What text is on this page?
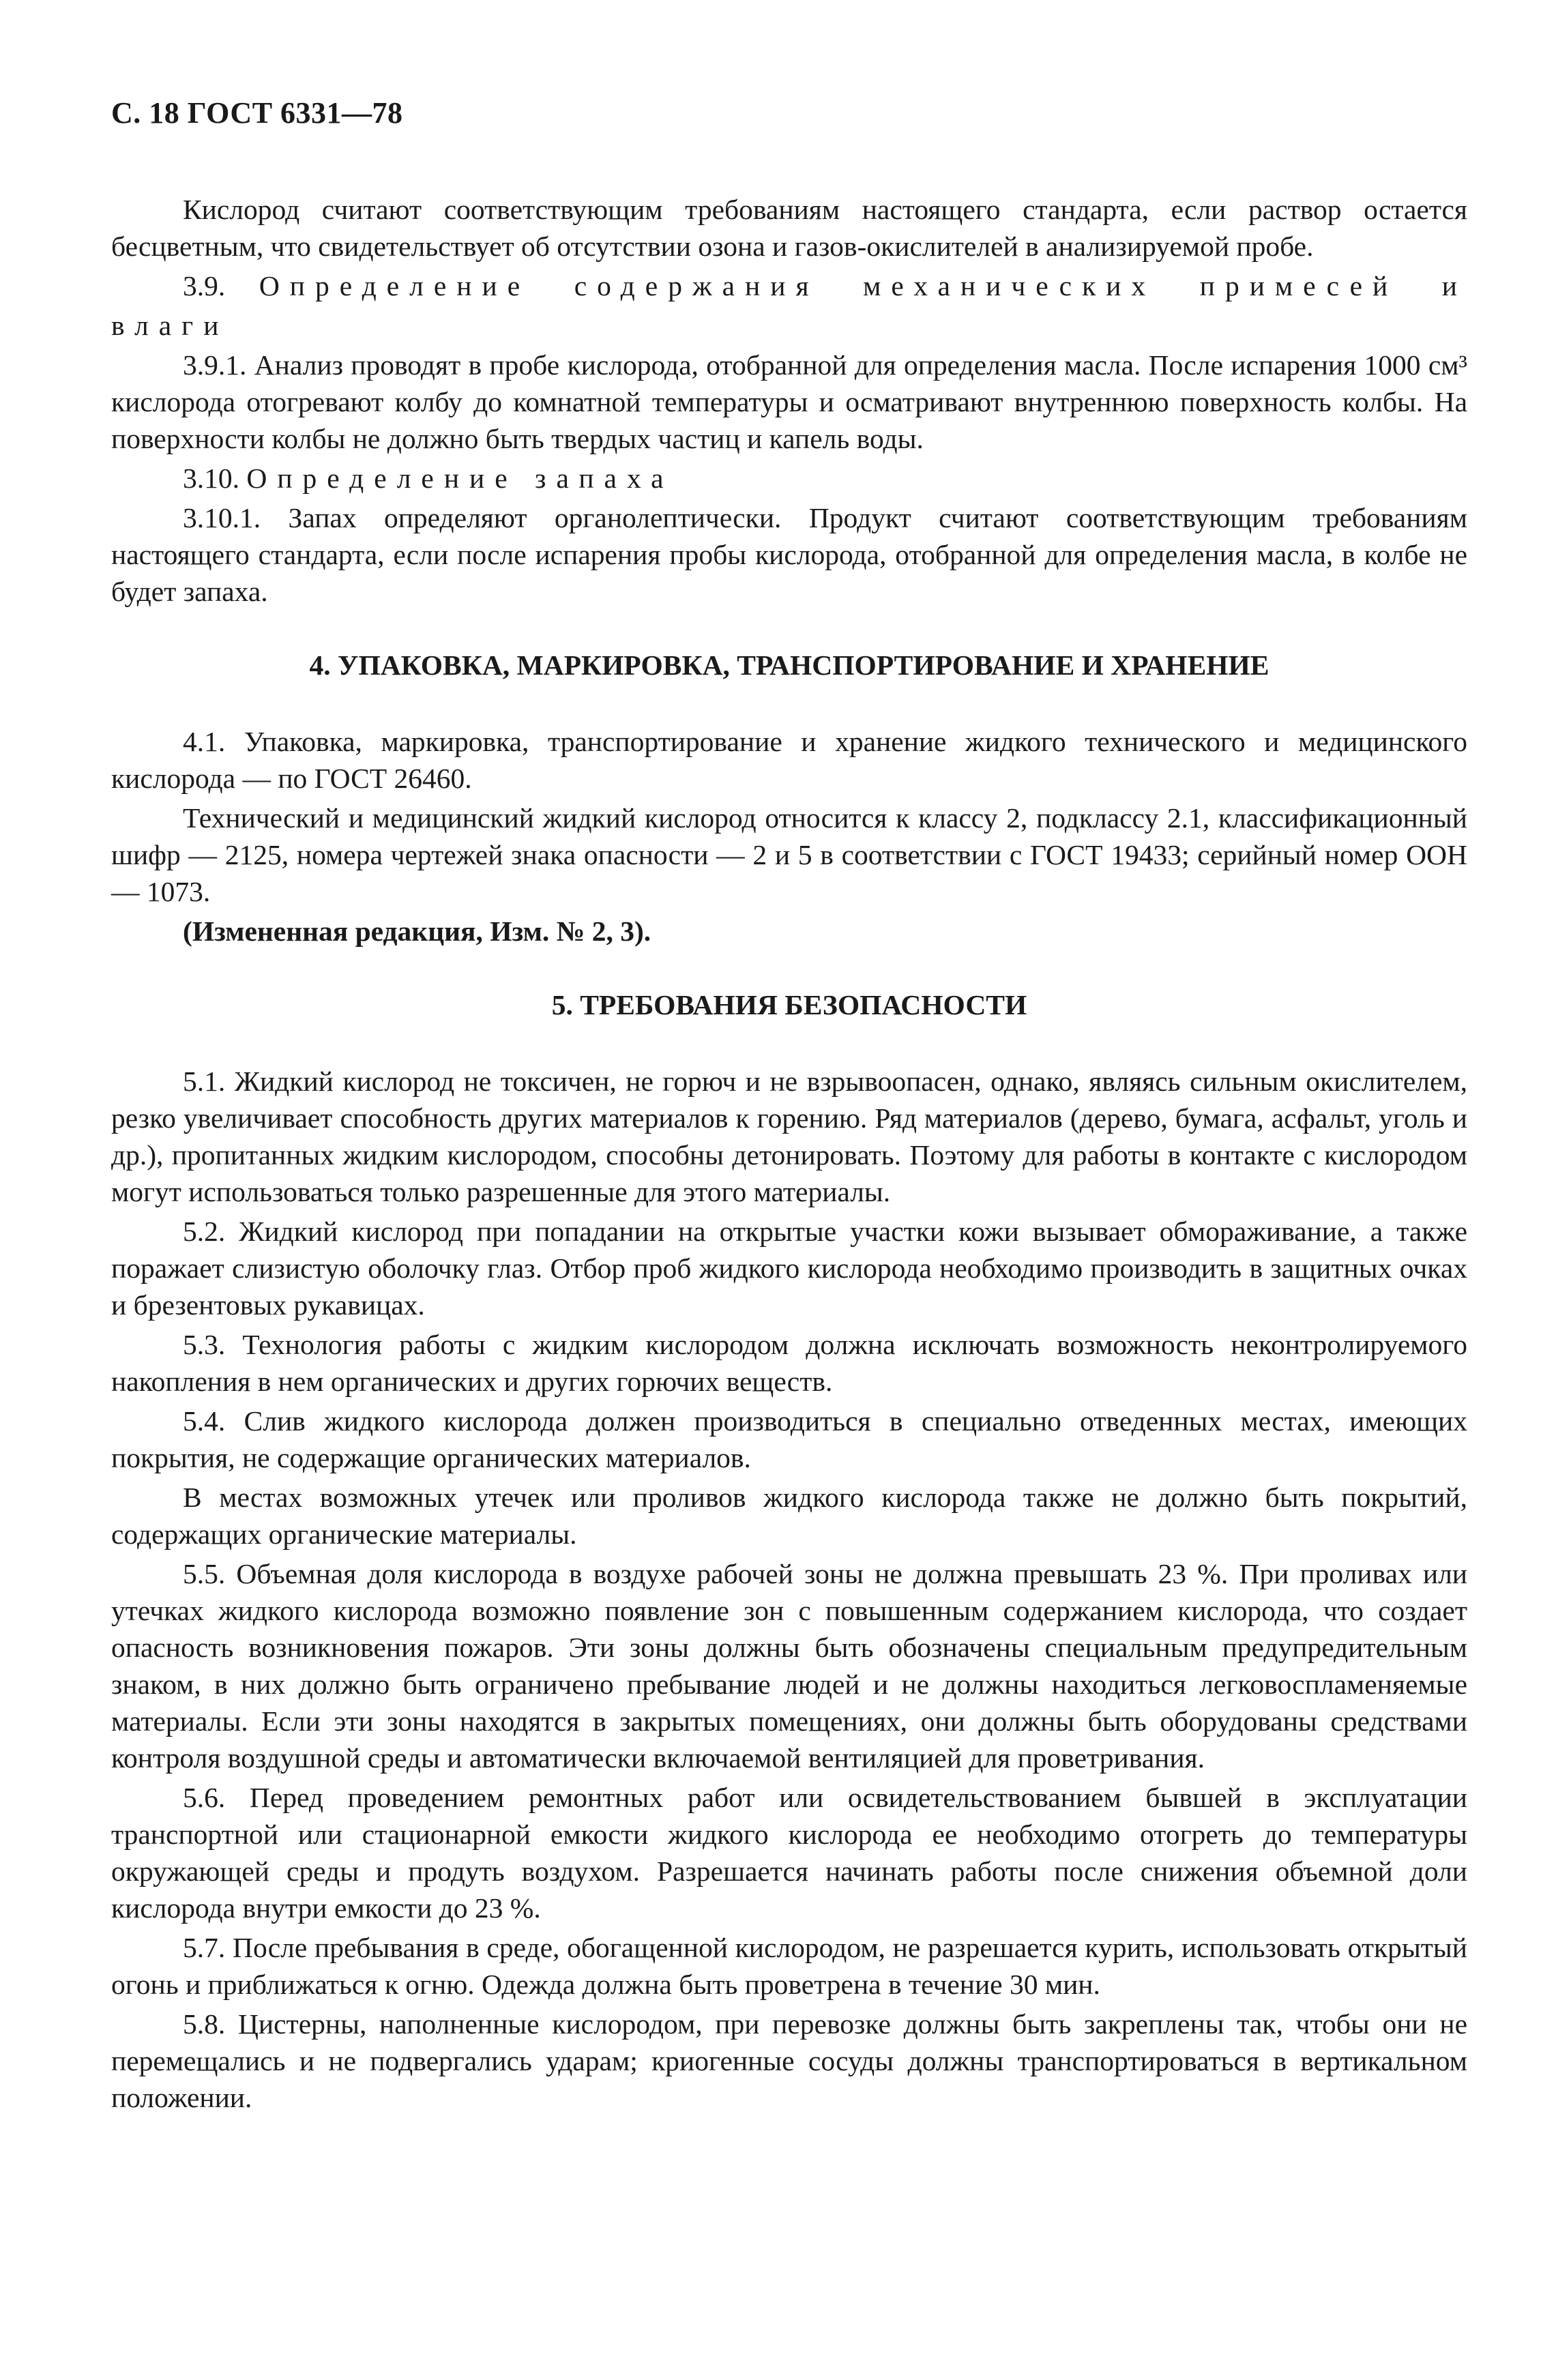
С. 18 ГОСТ 6331—78

Кислород считают соответствующим требованиям настоящего стандарта, если раствор остается бесцветным, что свидетельствует об отсутствии озона и газов-окислителей в анализируемой пробе.

3.9. Определение содержания механических примесей и

влаги

3.9.1. Анализ проводят в пробе кислорода, отобранной для определения масла. После испарения 1000 см³ кислорода отогревают колбу до комнатной температуры и осматривают внутреннюю поверхность колбы. На поверхности колбы не должно быть твердых частиц и капель воды.

3.10. Определение запаха

3.10.1. Запах определяют органолептически. Продукт считают соответствующим требованиям настоящего стандарта, если после испарения пробы кислорода, отобранной для определения масла, в колбе не будет запаха.

4. УПАКОВКА, МАРКИРОВКА, ТРАНСПОРТИРОВАНИЕ И ХРАНЕНИЕ

4.1. Упаковка, маркировка, транспортирование и хранение жидкого технического и медицинского кислорода — по ГОСТ 26460.

Технический и медицинский жидкий кислород относится к классу 2, подклассу 2.1, классификационный шифр — 2125, номера чертежей знака опасности — 2 и 5 в соответствии с ГОСТ 19433; серийный номер ООН — 1073.

(Измененная редакция, Изм. № 2, 3).

5. ТРЕБОВАНИЯ БЕЗОПАСНОСТИ

5.1. Жидкий кислород не токсичен, не горюч и не взрывоопасен, однако, являясь сильным окислителем, резко увеличивает способность других материалов к горению. Ряд материалов (дерево, бумага, асфальт, уголь и др.), пропитанных жидким кислородом, способны детонировать. Поэтому для работы в контакте с кислородом могут использоваться только разрешенные для этого материалы.

5.2. Жидкий кислород при попадании на открытые участки кожи вызывает обмораживание, а также поражает слизистую оболочку глаз. Отбор проб жидкого кислорода необходимо производить в защитных очках и брезентовых рукавицах.

5.3. Технология работы с жидким кислородом должна исключать возможность неконтролируемого накопления в нем органических и других горючих веществ.

5.4. Слив жидкого кислорода должен производиться в специально отведенных местах, имеющих покрытия, не содержащие органических материалов.

В местах возможных утечек или проливов жидкого кислорода также не должно быть покрытий, содержащих органические материалы.

5.5. Объемная доля кислорода в воздухе рабочей зоны не должна превышать 23 %. При проливах или утечках жидкого кислорода возможно появление зон с повышенным содержанием кислорода, что создает опасность возникновения пожаров. Эти зоны должны быть обозначены специальным предупредительным знаком, в них должно быть ограничено пребывание людей и не должны находиться легковоспламеняемые материалы. Если эти зоны находятся в закрытых помещениях, они должны быть оборудованы средствами контроля воздушной среды и автоматически включаемой вентиляцией для проветривания.

5.6. Перед проведением ремонтных работ или освидетельствованием бывшей в эксплуатации транспортной или стационарной емкости жидкого кислорода ее необходимо отогреть до температуры окружающей среды и продуть воздухом. Разрешается начинать работы после снижения объемной доли кислорода внутри емкости до 23 %.

5.7. После пребывания в среде, обогащенной кислородом, не разрешается курить, использовать открытый огонь и приближаться к огню. Одежда должна быть проветрена в течение 30 мин.

5.8. Цистерны, наполненные кислородом, при перевозке должны быть закреплены так, чтобы они не перемещались и не подвергались ударам; криогенные сосуды должны транспортироваться в вертикальном положении.
